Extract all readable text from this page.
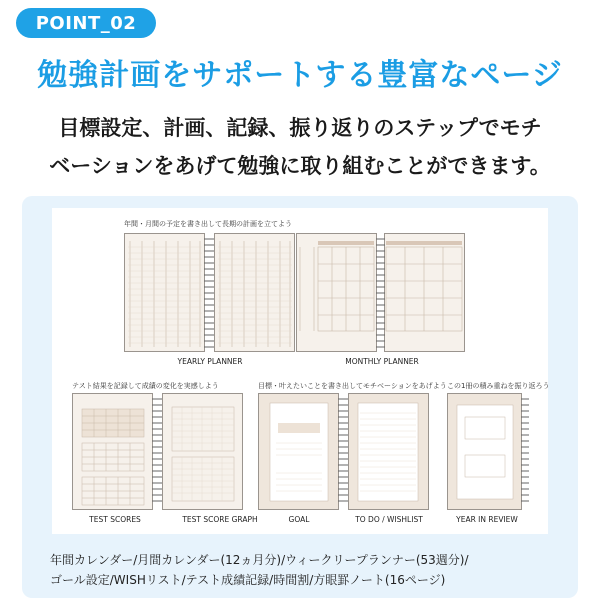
POINT_02
勉強計画をサポートする豊富なページ
目標設定、計画、記録、振り返りのステップでモチ
ベーションをあげて勉強に取り組むことができます。
年間・月間の予定を書き出して長期の計画を立てよう
YEARLY PLANNER	MONTHLY PLANNER
テスト結果を記録して成績の変化を実感しよう	目標・叶えたいことを書き出してモチベーションをあげよう この1冊の積み重ねを振り返ろう
TEST SCORES	TEST SCORE GRAPH	GOAL	TO DO / WISHLIST	YEAR IN REVIEW
年間カレンダー/月間カレンダー(12ヵ月分)/ウィークリープランナー(53週分)/
ゴール設定/WISHリスト/テスト成績記録/時間割/方眼罫ノート(16ページ)
